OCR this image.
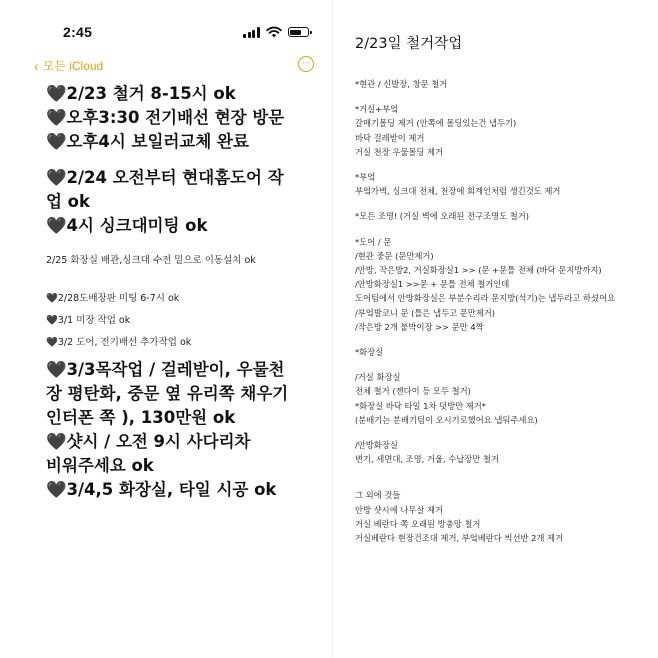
2:45
‹ 모든 iCloud	···
🖤2/23 철거 8-15시 ok
🖤오후3:30 전기배선 현장 방문
🖤오후4시 보일러교체 완료
🖤2/24 오전부터 현대홈도어 작
업 ok
🖤4시 싱크대미팅 ok
2/25 화장실 배관,싱크대 수전 밑으로 이동설치 ok
🖤2/28도배장판 미팅 6-7시 ok
🖤3/1 미장 작업 ok
🖤3/2 도어, 전기배선 추가작업 ok
🖤3/3목작업 / 걸레받이, 우물천
장 평탄화, 중문 옆 유리쪽 채우기
인터폰 쪽 ), 130만원 ok
🖤샷시 / 오전 9시 사다리차
비워주세요 ok
🖤3/4,5 화장실, 타일 시공 ok
2/23일 철거작업
*현관 / 신발장, 창문 철거
*거실+부엌
갈매기몰딩 제거 (안쪽에 몰딩있는건 냅두기)
바닥 걸레받이 제거
거실 천장 우물몰딩 제거
*부엌
부엌가벽, 싱크대 전체, 천장에 회계인처럼 생긴것도 제거
*모든 조명! (거실 벽에 오래된 전구조명도 철거)
*도어 / 문
/현관 중문 (문만제거)
/안방, 작은방2, 거실화장실1 >> (문 +문틀 전체 (바닥 문지방까지)
/안방화장실1 >>문 + 문틀 전체 철거인데
도어팀에서 안방화장실은 부분수리라 문지방(석기)는 냅두라고 하셨어요
/부엌발코니 문 (틀은 냅두고 문만제거)
/작은방 2개 붙박이장 >> 문만 4짝
*화장실
/거실 화장실
전체 철거 (젠다이 등 모두 철거)
*화장실 바닥 타일 1차 덧방만 제거*
(분배기는 분배기팀이 오시기로했어요 냅둬주세요)
/안방화장실
변기, 세면대, 조명, 거울, 수납장만 철거
그 외에 것들
안방 샷시에 나무살 제거
거실 베란다 쪽 오래된 방충망 철거
거실베란다 현장건조대 제거, 부엌베란다 빅선반 2개 제거
